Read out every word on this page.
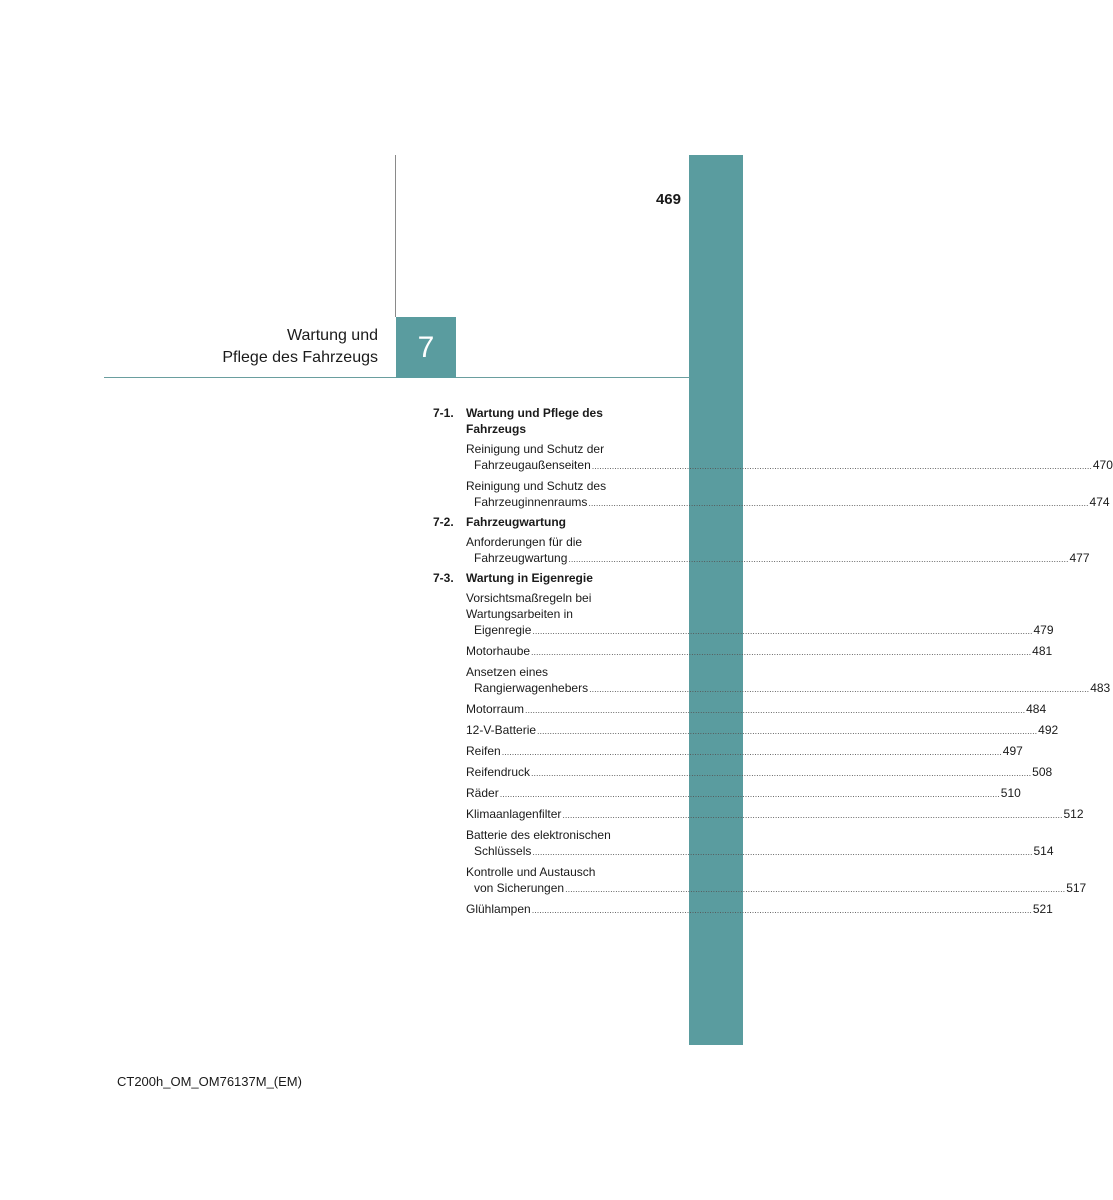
469
Wartung und
Pflege des Fahrzeugs 7
7-1.	Wartung und Pflege des Fahrzeugs
Reinigung und Schutz der
Fahrzeugaußenseiten ........................................................................................................................................................................................................ 470
Reinigung und Schutz des
Fahrzeuginnenraums ........................................................................................................................................................................................................ 474
7-2.	Fahrzeugwartung
Anforderungen für die
Fahrzeugwartung ........................................................................................................................................................................................................ 477
7-3.	Wartung in Eigenregie
Vorsichtsmaßregeln bei
Wartungsarbeiten in
Eigenregie ........................................................................................................................................................................................................ 479
Motorhaube ........................................................................................................................................................................................................ 481
Ansetzen eines
Rangierwagenhebers ........................................................................................................................................................................................................ 483
Motorraum ........................................................................................................................................................................................................ 484
12-V-Batterie ........................................................................................................................................................................................................ 492
Reifen ........................................................................................................................................................................................................ 497
Reifendruck ........................................................................................................................................................................................................ 508
Räder ........................................................................................................................................................................................................ 510
Klimaanlagenfilter ........................................................................................................................................................................................................ 512
Batterie des elektronischen
Schlüssels ........................................................................................................................................................................................................ 514
Kontrolle und Austausch
von Sicherungen ........................................................................................................................................................................................................ 517
Glühlampen ........................................................................................................................................................................................................ 521
CT200h_OM_OM76137M_(EM)
